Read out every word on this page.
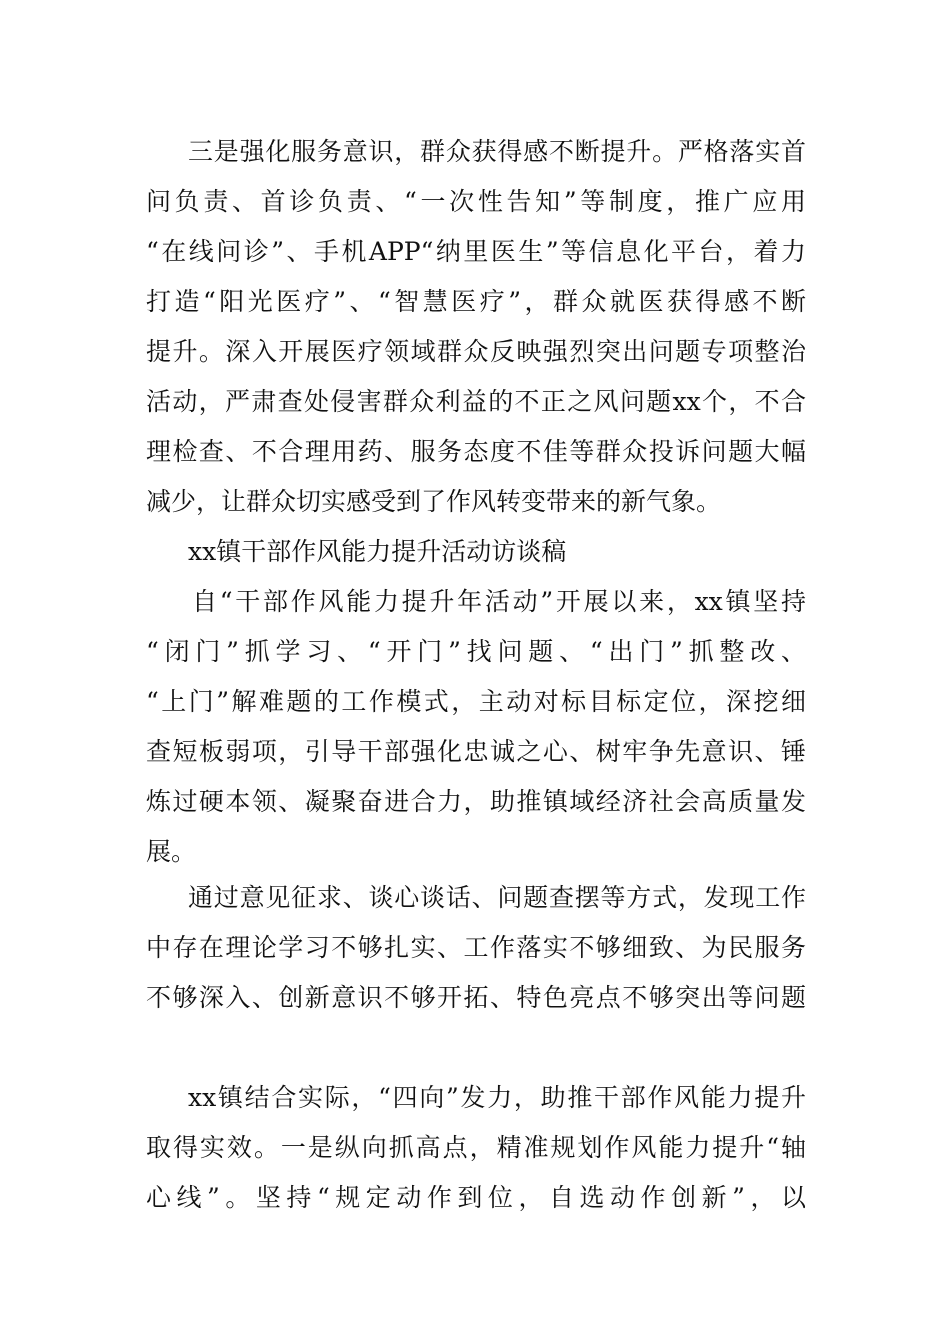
三是强化服务意识，群众获得感不断提升。严格落实首
问负责、首诊负责、“一次性告知”等制度，推广应用
“在线问诊”、手机APP“纳里医生”等信息化平台，着力
打造“阳光医疗”、“智慧医疗”，群众就医获得感不断
提升。深入开展医疗领域群众反映强烈突出问题专项整治
活动，严肃查处侵害群众利益的不正之风问题xx个，不合
理检查、不合理用药、服务态度不佳等群众投诉问题大幅
减少，让群众切实感受到了作风转变带来的新气象。
xx镇干部作风能力提升活动访谈稿
自“干部作风能力提升年活动”开展以来，xx镇坚持
“闭门”抓学习、“开门”找问题、“出门”抓整改、
“上门”解难题的工作模式，主动对标目标定位，深挖细
查短板弱项，引导干部强化忠诚之心、树牢争先意识、锤
炼过硬本领、凝聚奋进合力，助推镇域经济社会高质量发
展。
通过意见征求、谈心谈话、问题查摆等方式，发现工作
中存在理论学习不够扎实、工作落实不够细致、为民服务
不够深入、创新意识不够开拓、特色亮点不够突出等问题
xx镇结合实际，“四向”发力，助推干部作风能力提升
取得实效。一是纵向抓高点，精准规划作风能力提升“轴
心线”。坚持“规定动作到位，自选动作创新”，以
